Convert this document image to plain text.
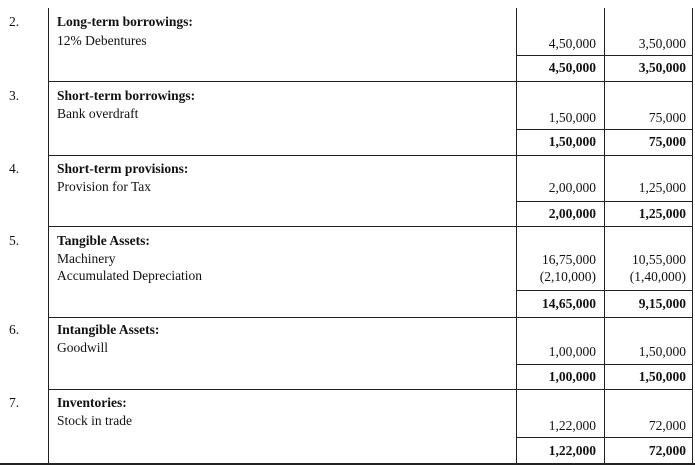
2.	Long-term borrowings:
12% Debentures	4,50,000	3,50,000
4,50,000	3,50,000
3.	Short-term borrowings:
Bank overdraft	1,50,000	75,000
1,50,000	75,000
4.	Short-term provisions:
Provision for Tax	2,00,000	1,25,000
2,00,000	1,25,000
5.	Tangible Assets:
Machinery	16,75,000	10,55,000
Accumulated Depreciation	(2,10,000)	(1,40,000)
14,65,000	9,15,000
6.	Intangible Assets:
Goodwill	1,00,000	1,50,000
1,00,000	1,50,000
7.	Inventories:
Stock in trade	1,22,000	72,000
1,22,000	72,000
